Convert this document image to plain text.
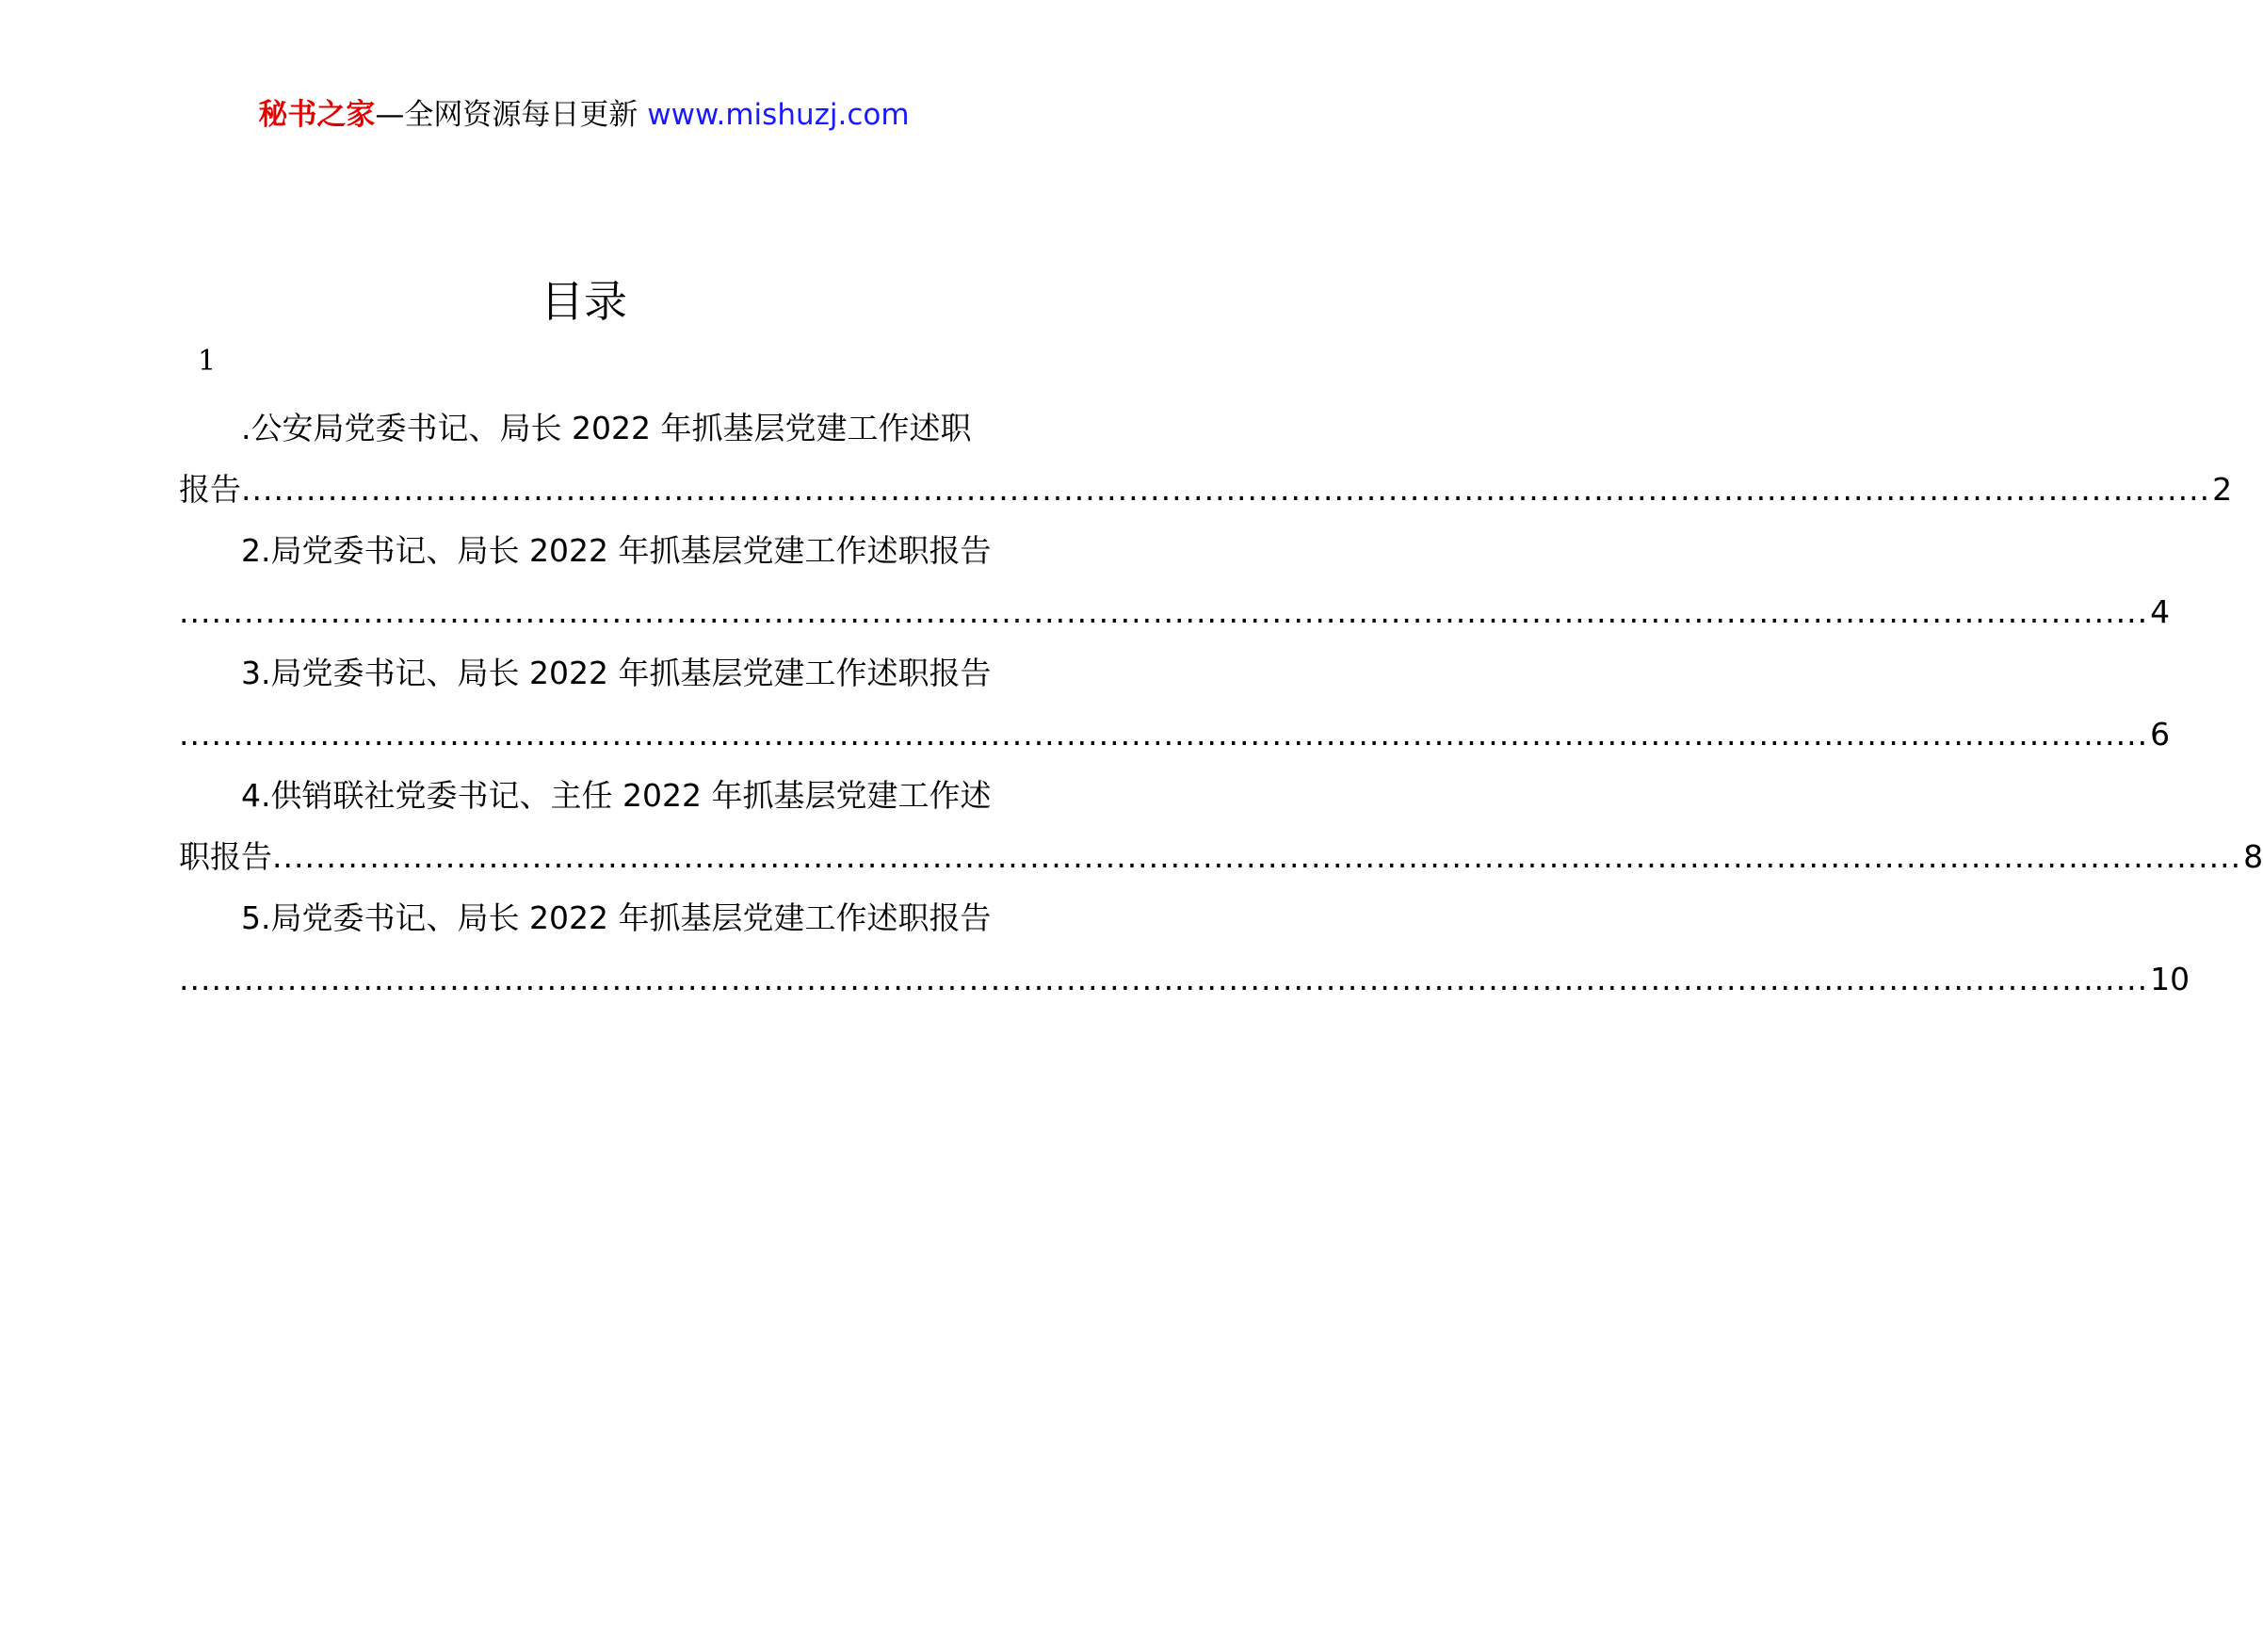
秘书之家—全网资源每日更新 www.mishuzj.com
目录
1
.公安局党委书记、局长 2022 年抓基层党建工作述职
报告 ...................................................................................................................................................................................... 2
2.局党委书记、局长 2022 年抓基层党建工作述职报告
...................................................................................................................................................................................... 4
3.局党委书记、局长 2022 年抓基层党建工作述职报告
...................................................................................................................................................................................... 6
4.供销联社党委书记、主任 2022 年抓基层党建工作述
职报告 ...................................................................................................................................................................................... 8
5.局党委书记、局长 2022 年抓基层党建工作述职报告
...................................................................................................................................................................................... 10
